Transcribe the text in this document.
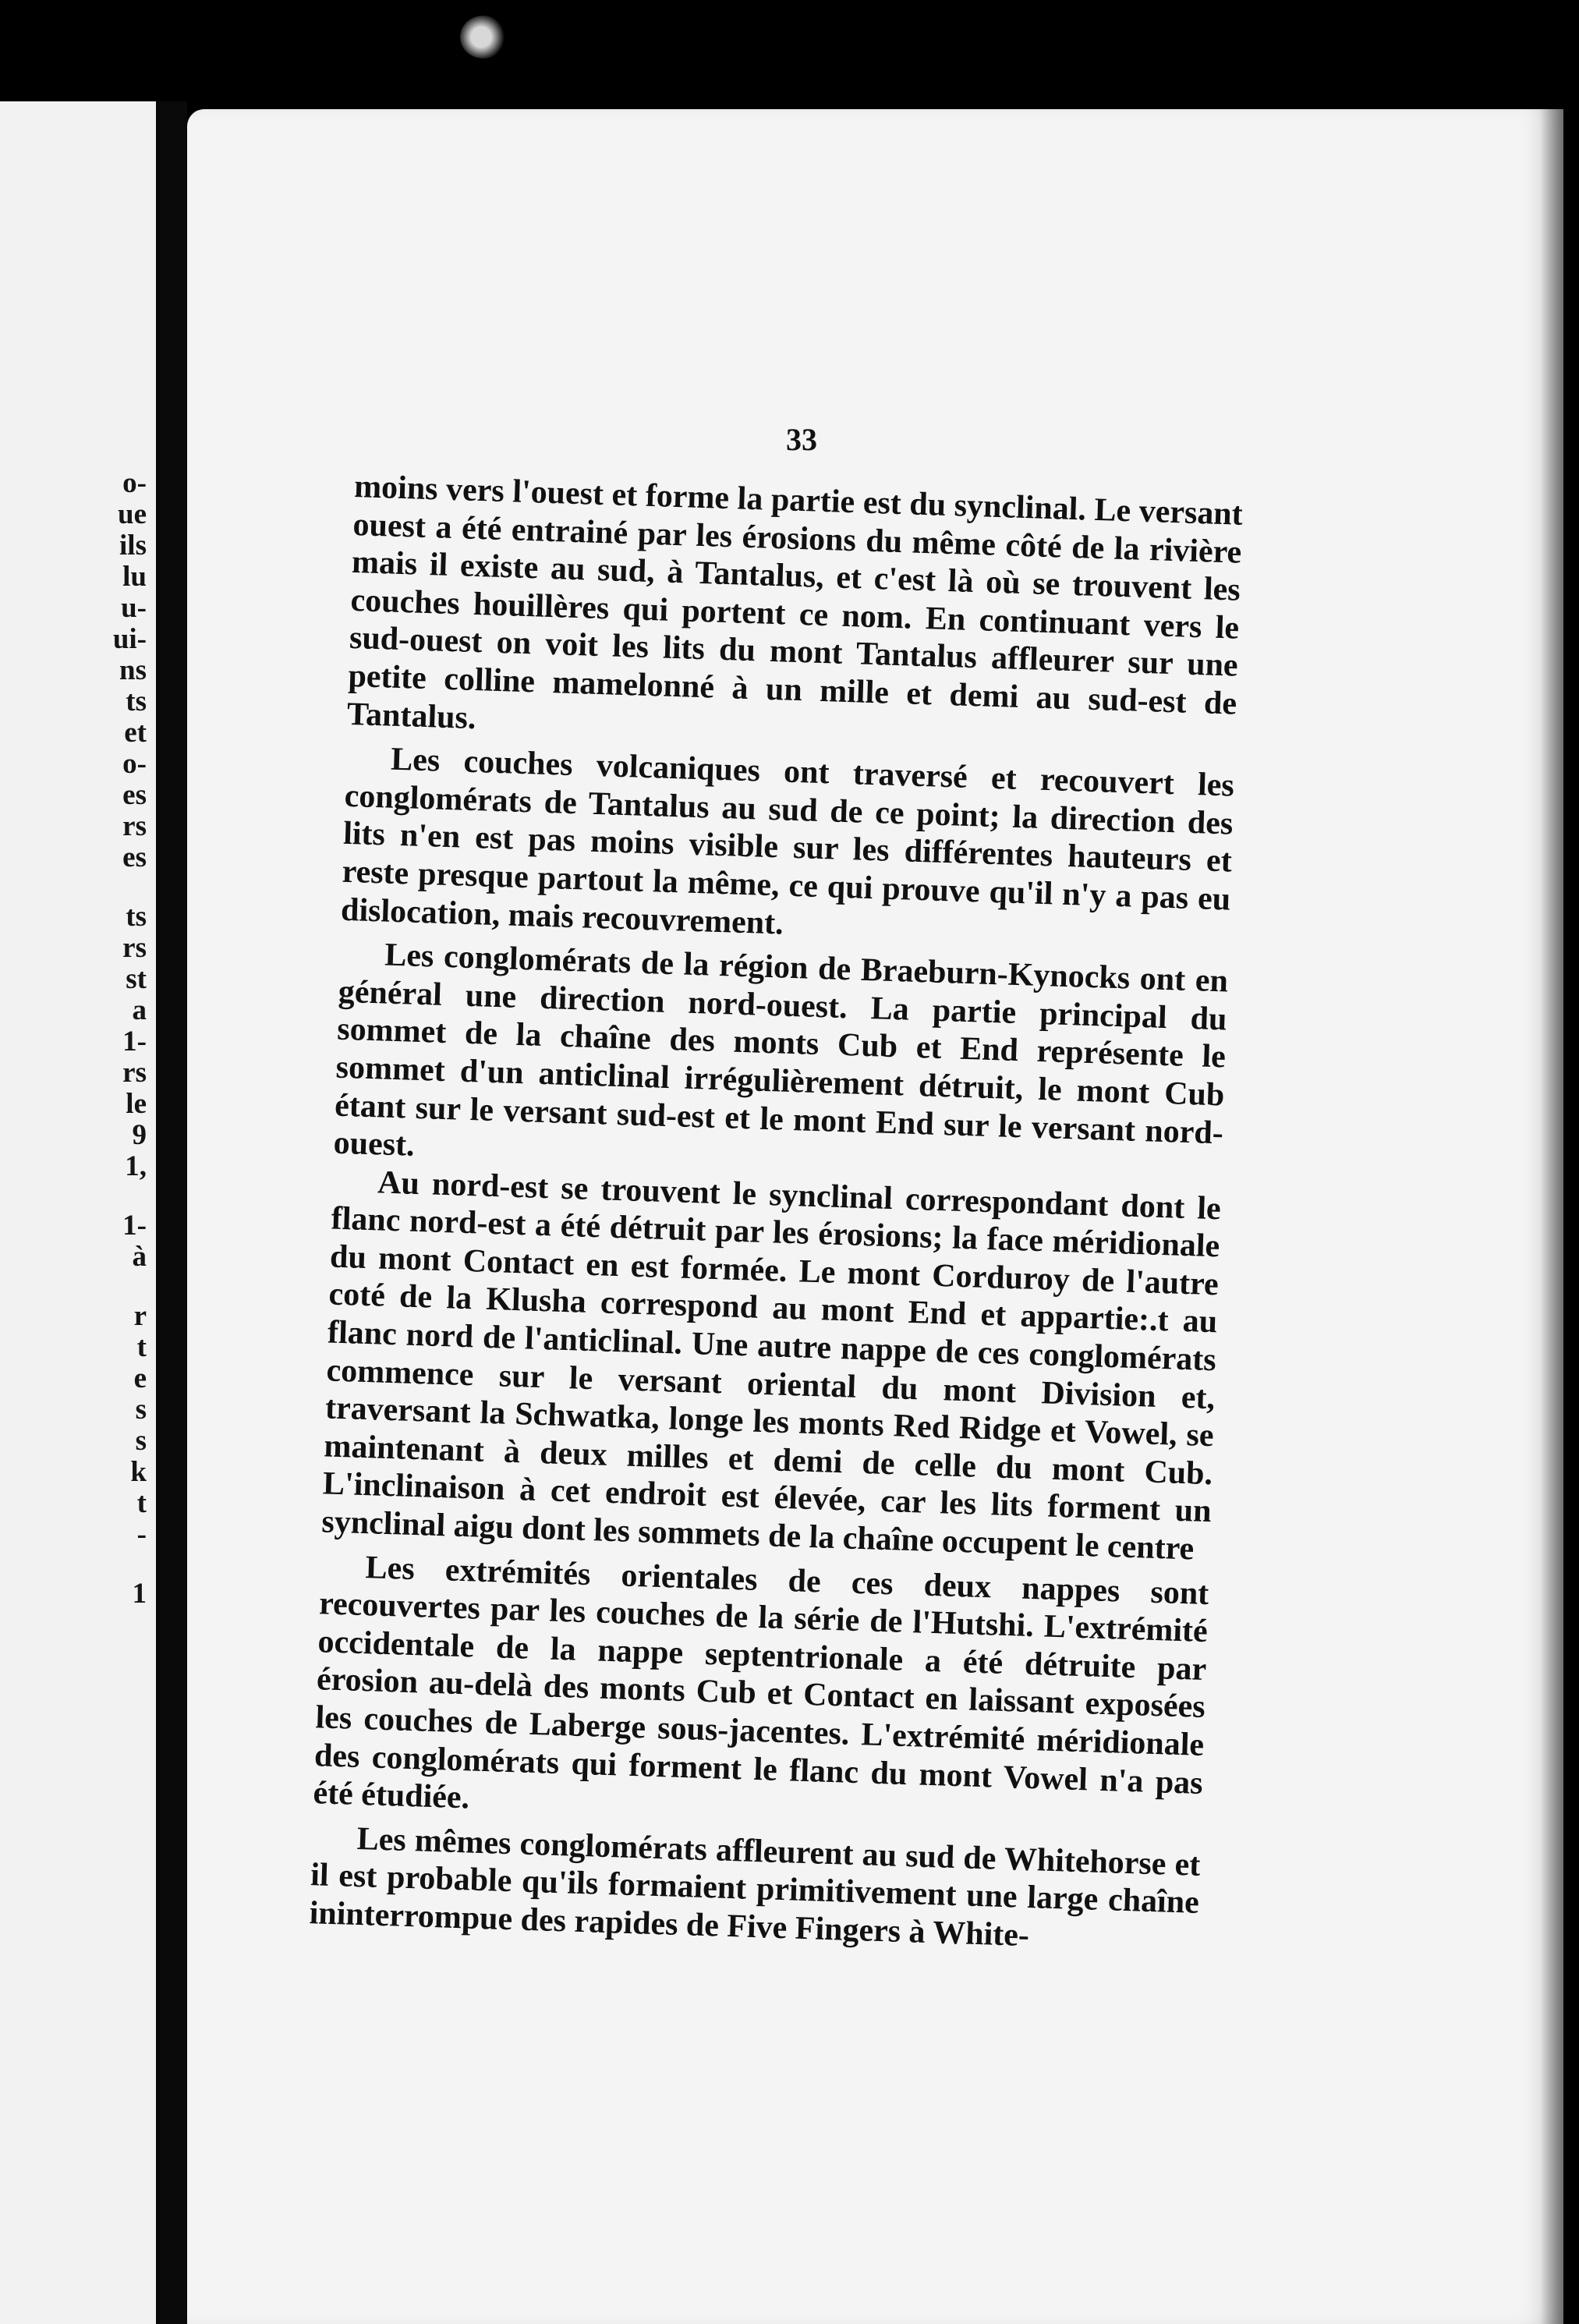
o-
ue
ils
lu
u-
ui-
ns
ts
et
o-
es
rs
es
ts
rs
st
a
1-
rs
le
9
1,
1-
à
r
t
e
s
s
k
t
-
1
33

moins vers l'ouest et forme la partie est du synclinal. Le versant ouest a été entrainé par les érosions du même côté de la rivière mais il existe au sud, à Tantalus, et c'est là où se trouvent les couches houillères qui portent ce nom. En continuant vers le sud-ouest on voit les lits du mont Tantalus affleurer sur une petite colline mamelonné à un mille et demi au sud-est de Tantalus.

Les couches volcaniques ont traversé et recouvert les conglomérats de Tantalus au sud de ce point; la direction des lits n'en est pas moins visible sur les différentes hauteurs et reste presque partout la même, ce qui prouve qu'il n'y a pas eu dislocation, mais recouvrement.

Les conglomérats de la région de Braeburn-Kynocks ont en général une direction nord-ouest. La partie principal du sommet de la chaîne des monts Cub et End représente le sommet d'un anticlinal irrégulièrement détruit, le mont Cub étant sur le versant sud-est et le mont End sur le versant nord-ouest.

Au nord-est se trouvent le synclinal correspondant dont le flanc nord-est a été détruit par les érosions; la face méridionale du mont Contact en est formée. Le mont Corduroy de l'autre coté de la Klusha correspond au mont End et appartie:.t au flanc nord de l'anticlinal. Une autre nappe de ces conglomérats commence sur le versant oriental du mont Division et, traversant la Schwatka, longe les monts Red Ridge et Vowel, se maintenant à deux milles et demi de celle du mont Cub. L'inclinaison à cet endroit est élevée, car les lits forment un synclinal aigu dont les sommets de la chaîne occupent le centre

Les extrémités orientales de ces deux nappes sont recouvertes par les couches de la série de l'Hutshi. L'extrémité occidentale de la nappe septentrionale a été détruite par érosion au-delà des monts Cub et Contact en laissant exposées les couches de Laberge sous-jacentes. L'extrémité méridionale des conglomérats qui forment le flanc du mont Vowel n'a pas été étudiée.

Les mêmes conglomérats affleurent au sud de Whitehorse et il est probable qu'ils formaient primitivement une large chaîne ininterrompue des rapides de Five Fingers à White-
